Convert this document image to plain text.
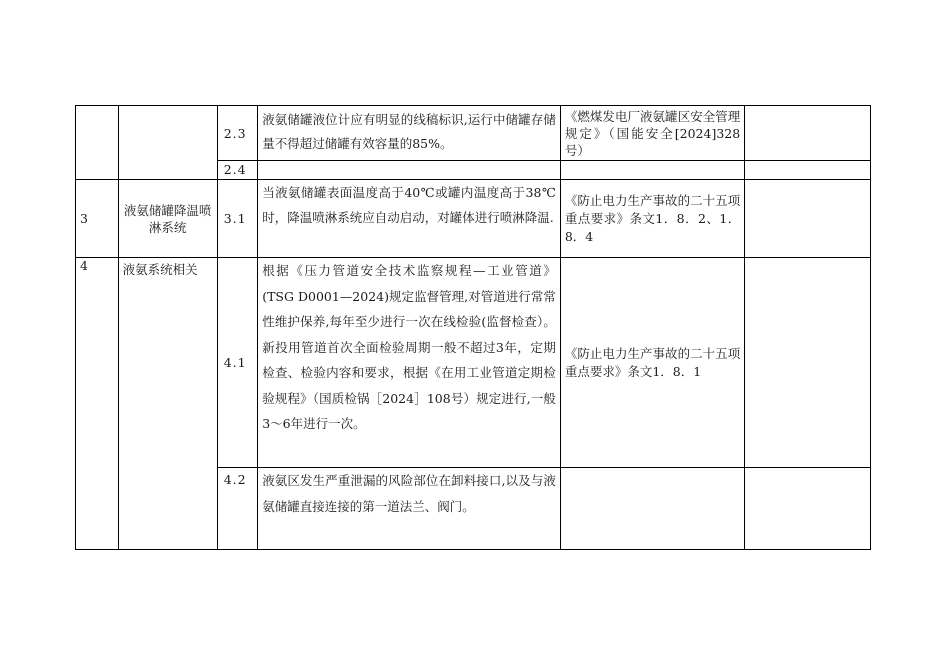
		2.3	液氨储罐液位计应有明显的线稿标识,运行中储罐存储量不得超过储罐有效容量的85%。	《燃煤发电厂液氨罐区安全管理规定》（国能安全[2024]328号）	
		2.4			
3	液氨储罐降温喷淋系统	3.1	当液氨储罐表面温度高于40℃或罐内温度高于38℃时，降温喷淋系统应自动启动，对罐体进行喷淋降温.	《防止电力生产事故的二十五项重点要求》条文1．8．2、1．8．4	
4	液氨系统相关	4.1	根据《压力管道安全技术监察规程—工业管道》(TSG D0001—2024)规定监督管理,对管道进行常常性维护保养,每年至少进行一次在线检验(监督检查）。新投用管道首次全面检验周期一般不超过3年，定期检查、检验内容和要求，根据《在用工业管道定期检验规程》（国质检锅［2024］108号）规定进行,一般3～6年进行一次。	《防止电力生产事故的二十五项重点要求》条文1．8．1	
		4.2	液氨区发生严重泄漏的风险部位在卸料接口,以及与液氨储罐直接连接的第一道法兰、阀门。		
